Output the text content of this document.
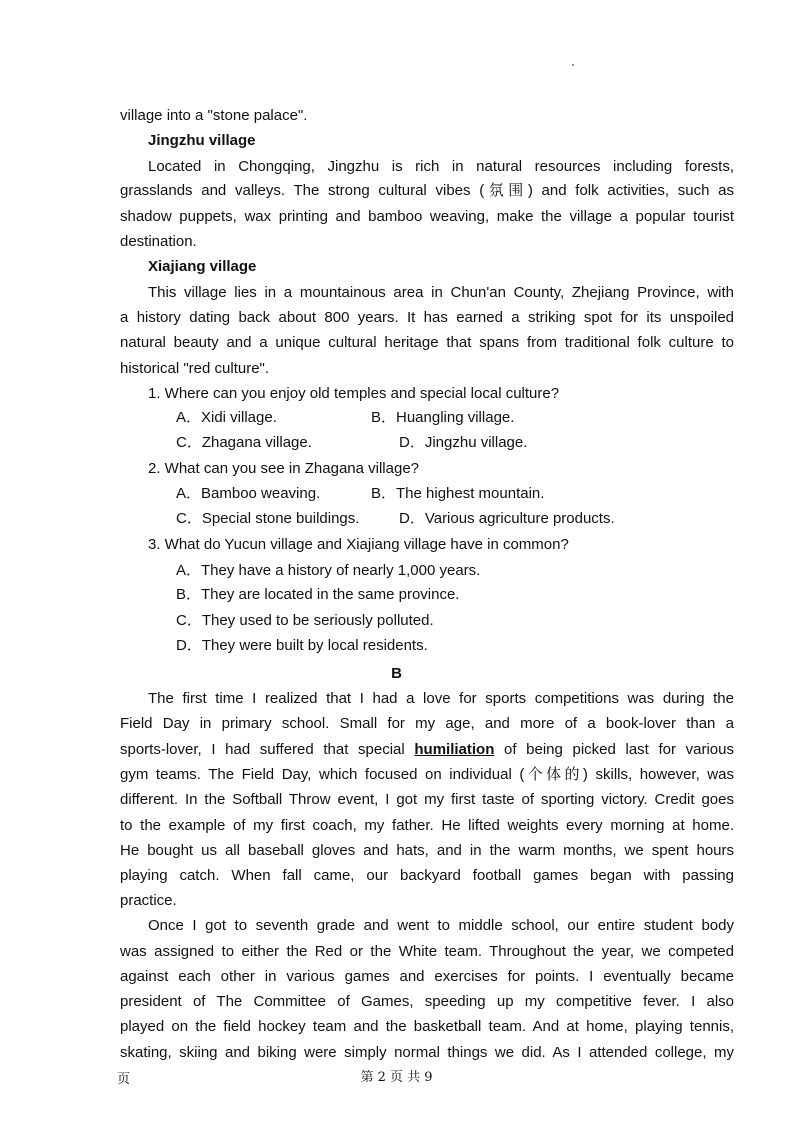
village into a "stone palace".
Jingzhu village
Located in Chongqing, Jingzhu is rich in natural resources including forests,
grasslands and valleys. The strong cultural vibes (氛围) and folk activities, such as
shadow puppets, wax printing and bamboo weaving, make the village a popular tourist
destination.
Xiajiang village
This village lies in a mountainous area in Chun'an County, Zhejiang Province, with
a history dating back about 800 years. It has earned a striking spot for its unspoiled
natural beauty and a unique cultural heritage that spans from traditional folk culture to
historical "red culture".
1. Where can you enjoy old temples and special local culture?
A．Xidi village.	B．Huangling village.
C．Zhagana village.	D．Jingzhu village.
2. What can you see in Zhagana village?
A．Bamboo weaving.	B．The highest mountain.
C．Special stone buildings.	D．Various agriculture products.
3. What do Yucun village and Xiajiang village have in common?
A．They have a history of nearly 1,000 years.
B．They are located in the same province.
C．They used to be seriously polluted.
D．They were built by local residents.
B
The first time I realized that I had a love for sports competitions was during the
Field Day in primary school. Small for my age, and more of a book-lover than a
sports-lover, I had suffered that special humiliation of being picked last for various
gym teams. The Field Day, which focused on individual (个体的) skills, however, was
different. In the Softball Throw event, I got my first taste of sporting victory. Credit goes
to the example of my first coach, my father. He lifted weights every morning at home.
He bought us all baseball gloves and hats, and in the warm months, we spent hours
playing catch. When fall came, our backyard football games began with passing
practice.
Once I got to seventh grade and went to middle school, our entire student body
was assigned to either the Red or the White team. Throughout the year, we competed
against each other in various games and exercises for points. I eventually became
president of The Committee of Games, speeding up my competitive fever. I also
played on the field hockey team and the basketball team. And at home, playing tennis,
skating, skiing and biking were simply normal things we did. As I attended college, my
页	第 2 页 共 9
